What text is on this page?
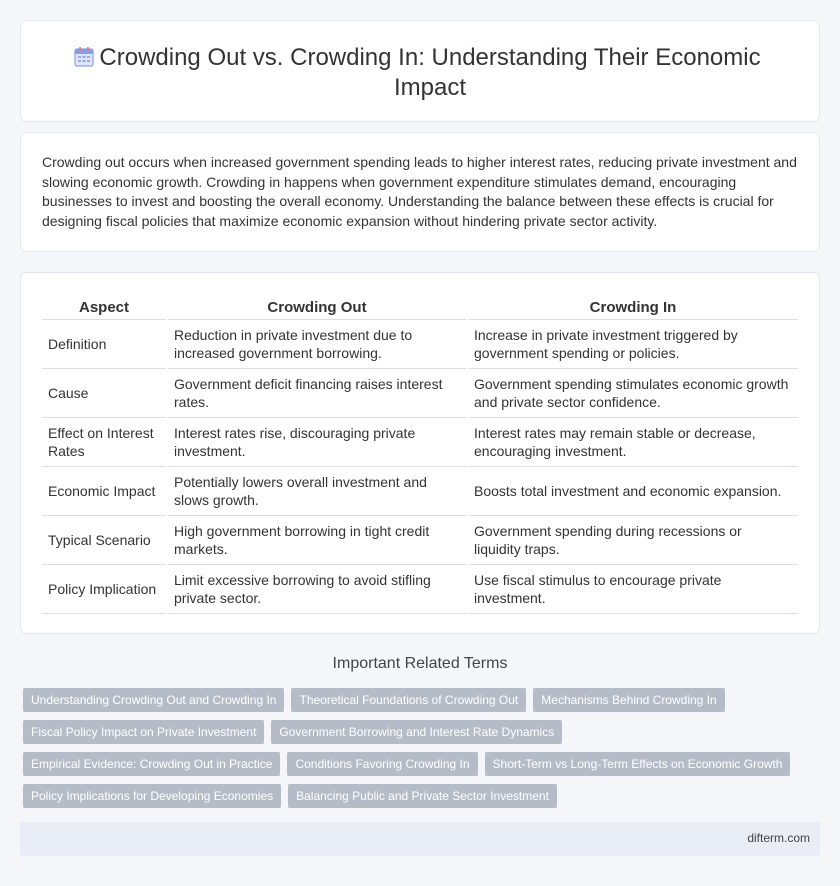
Crowding Out vs. Crowding In: Understanding Their Economic Impact

Crowding out occurs when increased government spending leads to higher interest rates, reducing private investment and slowing economic growth. Crowding in happens when government expenditure stimulates demand, encouraging businesses to invest and boosting the overall economy. Understanding the balance between these effects is crucial for designing fiscal policies that maximize economic expansion without hindering private sector activity.

Aspect	Crowding Out	Crowding In
Definition	Reduction in private investment due to increased government borrowing.	Increase in private investment triggered by government spending or policies.
Cause	Government deficit financing raises interest rates.	Government spending stimulates economic growth and private sector confidence.
Effect on Interest Rates	Interest rates rise, discouraging private investment.	Interest rates may remain stable or decrease, encouraging investment.
Economic Impact	Potentially lowers overall investment and slows growth.	Boosts total investment and economic expansion.
Typical Scenario	High government borrowing in tight credit markets.	Government spending during recessions or liquidity traps.
Policy Implication	Limit excessive borrowing to avoid stifling private sector.	Use fiscal stimulus to encourage private investment.
Important Related Terms
Understanding Crowding Out and Crowding In	Theoretical Foundations of Crowding Out	Mechanisms Behind Crowding In
Fiscal Policy Impact on Private Investment	Government Borrowing and Interest Rate Dynamics
Empirical Evidence: Crowding Out in Practice	Conditions Favoring Crowding In	Short-Term vs Long-Term Effects on Economic Growth
Policy Implications for Developing Economies	Balancing Public and Private Sector Investment
difterm.com
